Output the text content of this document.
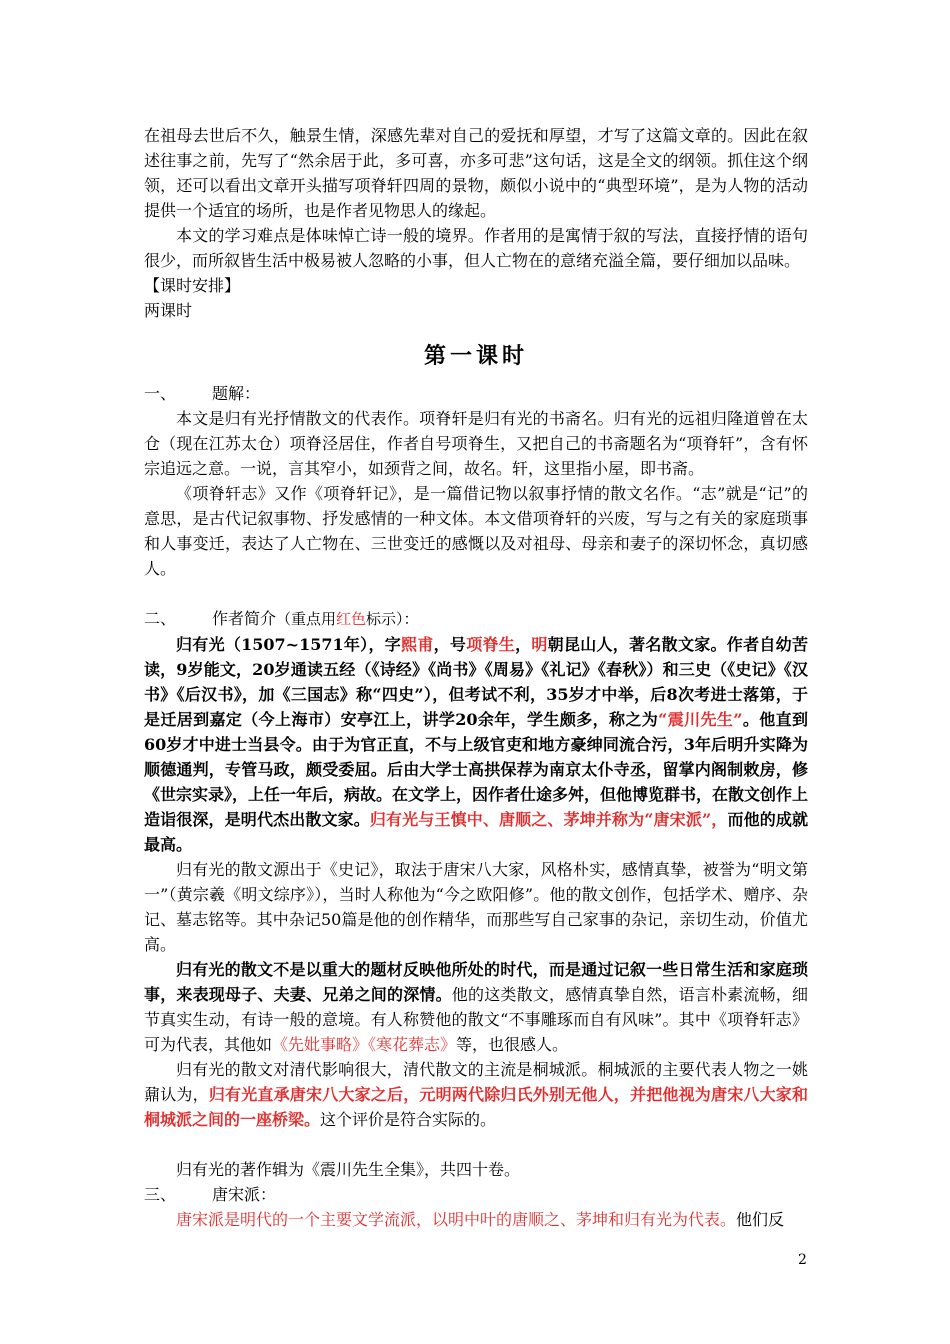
在祖母去世后不久，触景生情，深感先辈对自己的爱抚和厚望，才写了这篇文章的。因此在叙述往事之前，先写了“然余居于此，多可喜，亦多可悲”这句话，这是全文的纲领。抓住这个纲领，还可以看出文章开头描写项脊轩四周的景物，颇似小说中的“典型环境”，是为人物的活动提供一个适宜的场所，也是作者见物思人的缘起。

本文的学习难点是体味悼亡诗一般的境界。作者用的是寓情于叙的写法，直接抒情的语句很少，而所叙皆生活中极易被人忽略的小事，但人亡物在的意绪充溢全篇，要仔细加以品味。

【课时安排】

两课时

第一课时

一、 题解：

本文是归有光抒情散文的代表作。项脊轩是归有光的书斋名。归有光的远祖归隆道曾在太仓（现在江苏太仓）项脊泾居住，作者自号项脊生，又把自己的书斋题名为“项脊轩”，含有怀宗追远之意。一说，言其窄小，如颈背之间，故名。轩，这里指小屋，即书斋。

《项脊轩志》又作《项脊轩记》，是一篇借记物以叙事抒情的散文名作。“志”就是“记”的意思，是古代记叙事物、抒发感情的一种文体。本文借项脊轩的兴废，写与之有关的家庭琐事和人事变迁，表达了人亡物在、三世变迁的感慨以及对祖母、母亲和妻子的深切怀念，真切感人。

二、 作者简介（重点用红色标示）：

归有光（1507~1571年），字熙甫，号项脊生，明朝昆山人，著名散文家。作者自幼苦读，9岁能文，20岁通读五经（《诗经》《尚书》《周易》《礼记》《春秋》）和三史（《史记》《汉书》《后汉书》，加《三国志》称“四史”），但考试不利，35岁才中举，后8次考进士落第，于是迁居到嘉定（今上海市）安亭江上，讲学20余年，学生颇多，称之为“震川先生”。他直到60岁才中进士当县令。由于为官正直，不与上级官吏和地方豪绅同流合污，3年后明升实降为顺德通判，专管马政，颇受委屈。后由大学士高拱保荐为南京太仆寺丞，留掌内阁制敕房，修《世宗实录》，上任一年后，病故。在文学上，因作者仕途多舛，但他博览群书，在散文创作上造诣很深，是明代杰出散文家。归有光与王慎中、唐顺之、茅坤并称为“唐宋派”，而他的成就最高。

归有光的散文源出于《史记》，取法于唐宋八大家，风格朴实，感情真挚，被誉为“明文第一”（黄宗羲《明文综序》），当时人称他为“今之欧阳修”。他的散文创作，包括学术、赠序、杂记、墓志铭等。其中杂记50篇是他的创作精华，而那些写自己家事的杂记，亲切生动，价值尤高。

归有光的散文不是以重大的题材反映他所处的时代，而是通过记叙一些日常生活和家庭琐事，来表现母子、夫妻、兄弟之间的深情。他的这类散文，感情真挚自然，语言朴素流畅，细节真实生动，有诗一般的意境。有人称赞他的散文“不事雕琢而自有风味”。其中《项脊轩志》可为代表，其他如《先妣事略》《寒花葬志》等，也很感人。

归有光的散文对清代影响很大，清代散文的主流是桐城派。桐城派的主要代表人物之一姚鼐认为，归有光直承唐宋八大家之后，元明两代除归氏外别无他人，并把他视为唐宋八大家和桐城派之间的一座桥梁。这个评价是符合实际的。

归有光的著作辑为《震川先生全集》，共四十卷。

三、 唐宋派：

唐宋派是明代的一个主要文学流派，以明中叶的唐顺之、茅坤和归有光为代表。他们反

2
